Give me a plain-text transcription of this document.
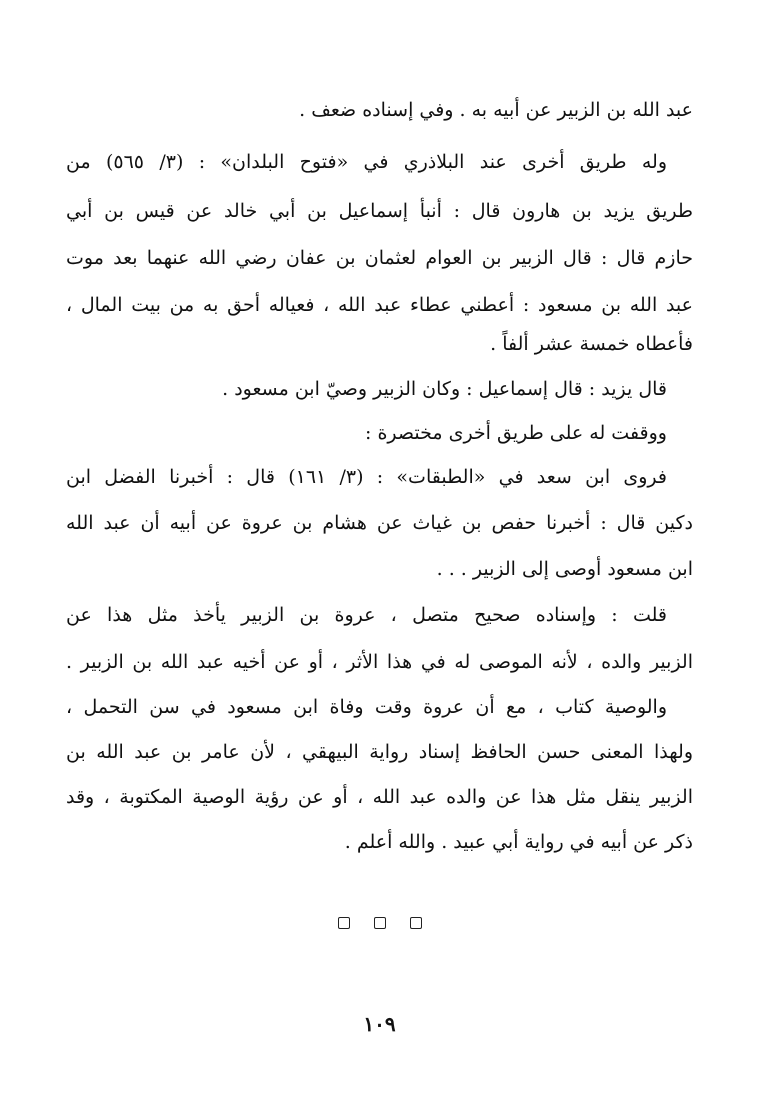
عبد الله بن الزبير عن أبيه به . وفي إسناده ضعف .
وله طريق أخرى عند البلاذري في «فتوح البلدان» : (٣/ ٥٦٥) من
طريق يزيد بن هارون قال : أنبأ إسماعيل بن أبي خالد عن قيس بن أبي
حازم قال : قال الزبير بن العوام لعثمان بن عفان رضي الله عنهما بعد موت
عبد الله بن مسعود : أعطني عطاء عبد الله ، فعياله أحق به من بيت المال ،
فأعطاه خمسة عشر ألفاً .
قال يزيد : قال إسماعيل : وكان الزبير وصيّ ابن مسعود .
ووقفت له على طريق أخرى مختصرة :
فروى ابن سعد في «الطبقات» : (٣/ ١٦١) قال : أخبرنا الفضل ابن
دكين قال : أخبرنا حفص بن غياث عن هشام بن عروة عن أبيه أن عبد الله
ابن مسعود أوصى إلى الزبير . . .
قلت : وإسناده صحيح متصل ، عروة بن الزبير يأخذ مثل هذا عن
الزبير والده ، لأنه الموصى له في هذا الأثر ، أو عن أخيه عبد الله بن الزبير .
والوصية كتاب ، مع أن عروة وقت وفاة ابن مسعود في سن التحمل ،
ولهذا المعنى حسن الحافظ إسناد رواية البيهقي ، لأن عامر بن عبد الله بن
الزبير ينقل مثل هذا عن والده عبد الله ، أو عن رؤية الوصية المكتوبة ، وقد
ذكر عن أبيه في رواية أبي عبيد . والله أعلم .
١٠٩
